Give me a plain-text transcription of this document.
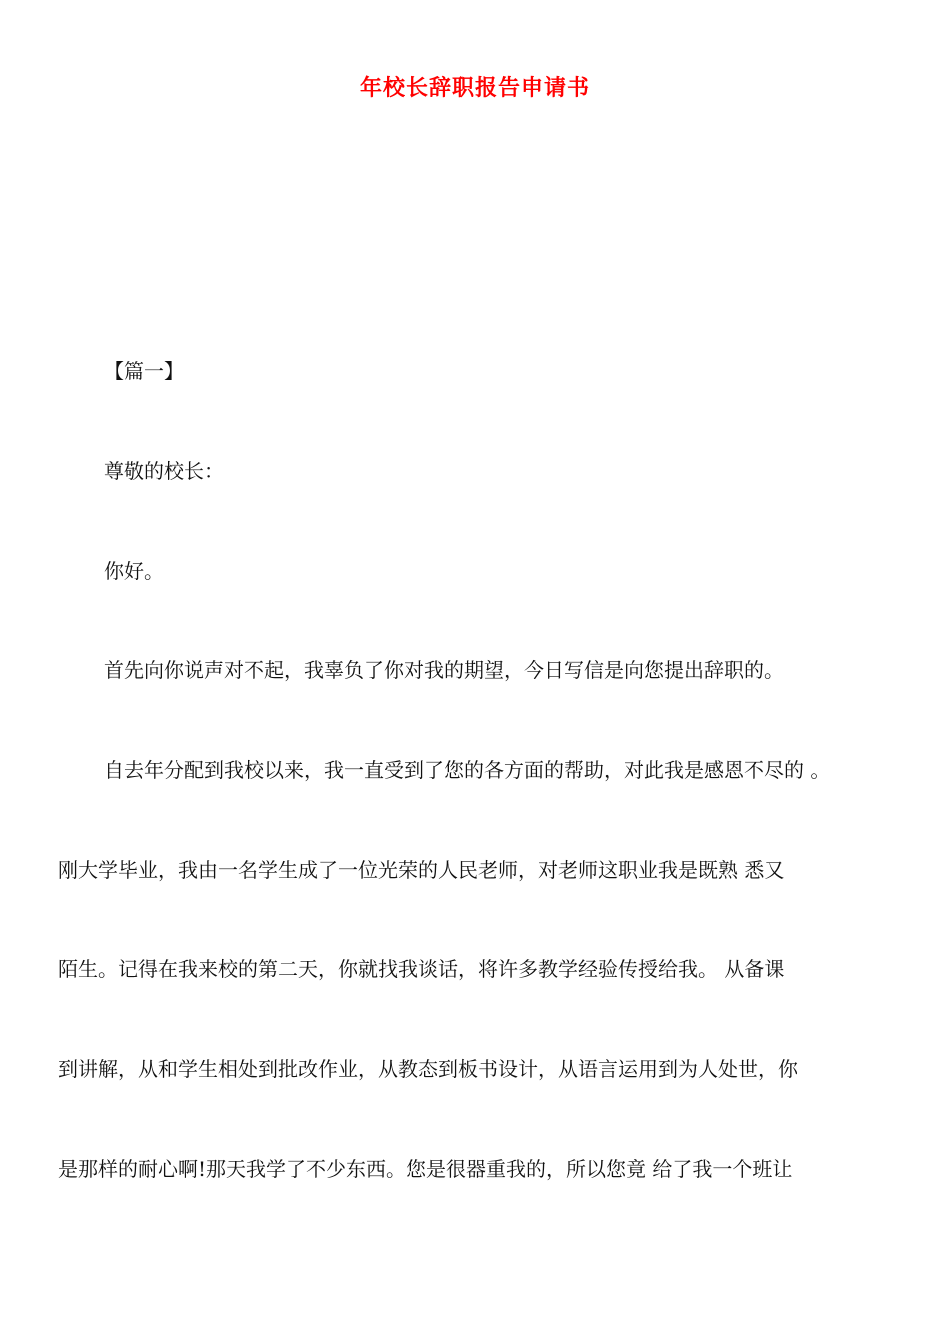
年校长辞职报告申请书
【篇一】
尊敬的校长：
你好。
首先向你说声对不起，我辜负了你对我的期望，今日写信是向您提出辞职的。
自去年分配到我校以来，我一直受到了您的各方面的帮助，对此我是感恩不尽的 。
刚大学毕业，我由一名学生成了一位光荣的人民老师，对老师这职业我是既熟 悉又
陌生。记得在我来校的第二天，你就找我谈话，将许多教学经验传授给我。 从备课
到讲解，从和学生相处到批改作业，从教态到板书设计，从语言运用到为人处世，你
是那样的耐心啊!那天我学了不少东西。您是很器重我的，所以您竟 给了我一个班让
